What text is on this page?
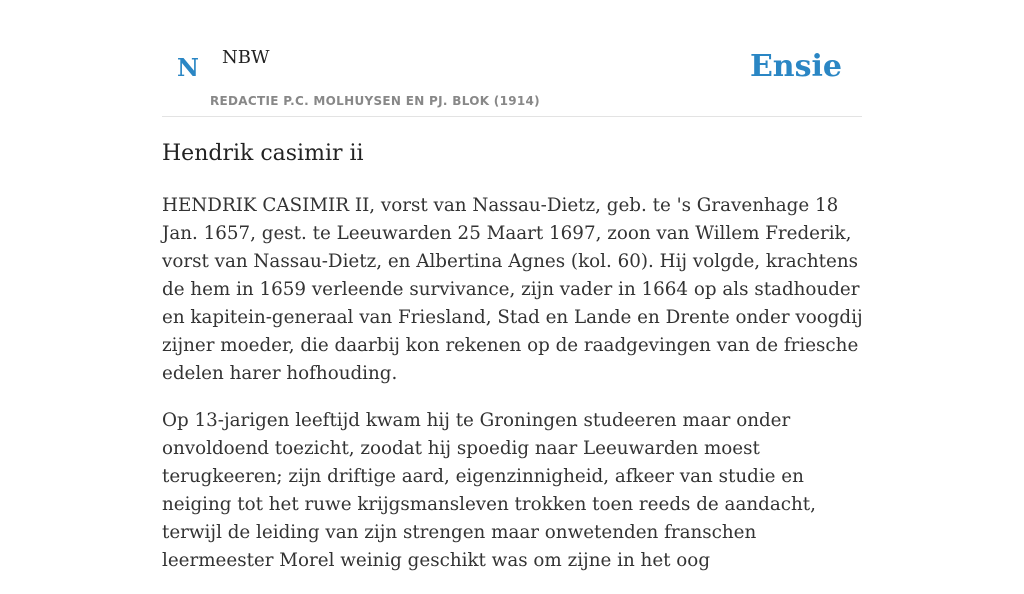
N NBW
REDACTIE P.C. MOLHUYSEN EN PJ. BLOK (1914)
Ensie
Hendrik casimir ii

HENDRIK CASIMIR II, vorst van Nassau-Dietz, geb. te 's Gravenhage 18 Jan. 1657, gest. te Leeuwarden 25 Maart 1697, zoon van Willem Frederik, vorst van Nassau-Dietz, en Albertina Agnes (kol. 60). Hij volgde, krachtens de hem in 1659 verleende survivance, zijn vader in 1664 op als stadhouder en kapitein-generaal van Friesland, Stad en Lande en Drente onder voogdij zijner moeder, die daarbij kon rekenen op de raadgevingen van de friesche edelen harer hofhouding.

Op 13-jarigen leeftijd kwam hij te Groningen studeeren maar onder onvoldoend toezicht, zoodat hij spoedig naar Leeuwarden moest terugkeeren; zijn driftige aard, eigenzinnigheid, afkeer van studie en neiging tot het ruwe krijgsmansleven trokken toen reeds de aandacht, terwijl de leiding van zijn strengen maar onwetenden franschen leermeester Morel weinig geschikt was om zijne in het oog
